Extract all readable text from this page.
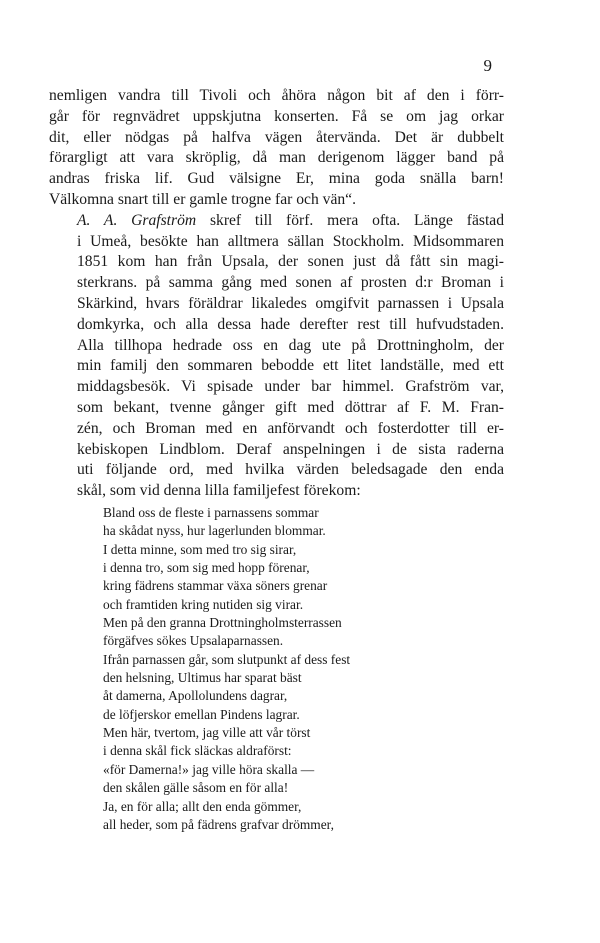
9

nemligen vandra till Tivoli och åhöra någon bit af den i förr-
går för regnvädret uppskjutna konserten. Få se om jag orkar
dit, eller nödgas på halfva vägen återvända. Det är dubbelt
förargligt att vara skröplig, då man derigenom lägger band på
andras friska lif. Gud välsigne Er, mina goda snälla barn!
Välkomna snart till er gamle trogne far och vän“.

A. A. Grafström skref till förf. mera ofta. Länge fästad
i Umeå, besökte han alltmera sällan Stockholm. Midsommaren
1851 kom han från Upsala, der sonen just då fått sin magi-
sterkrans. på samma gång med sonen af prosten d:r Broman i
Skärkind, hvars föräldrar likaledes omgifvit parnassen i Upsala
domkyrka, och alla dessa hade derefter rest till hufvudstaden.
Alla tillhopa hedrade oss en dag ute på Drottningholm, der
min familj den sommaren bebodde ett litet landställe, med ett
middagsbesök. Vi spisade under bar himmel. Grafström var,
som bekant, tvenne gånger gift med döttrar af F. M. Fran-
zén, och Broman med en anförvandt och fosterdotter till er-
kebiskopen Lindblom. Deraf anspelningen i de sista raderna
uti följande ord, med hvilka värden beledsagade den enda
skål, som vid denna lilla familjefest förekom:

Bland oss de fleste i parnassens sommar
ha skådat nyss, hur lagerlunden blommar.
I detta minne, som med tro sig sirar,
i denna tro, som sig med hopp förenar,
kring fädrens stammar växa söners grenar
och framtiden kring nutiden sig virar.
Men på den granna Drottningholmsterrassen
förgäfves sökes Upsalaparnassen.
Ifrån parnassen går, som slutpunkt af dess fest
den helsning, Ultimus har sparat bäst
åt damerna, Apollolundens dagrar,
de löfjerskor emellan Pindens lagrar.
Men här, tvertom, jag ville att vår törst
i denna skål fick släckas aldraförst:
«för Damerna!» jag ville höra skalla —
den skålen gälle såsom en för alla!
Ja, en för alla; allt den enda gömmer,
all heder, som på fädrens grafvar drömmer,
